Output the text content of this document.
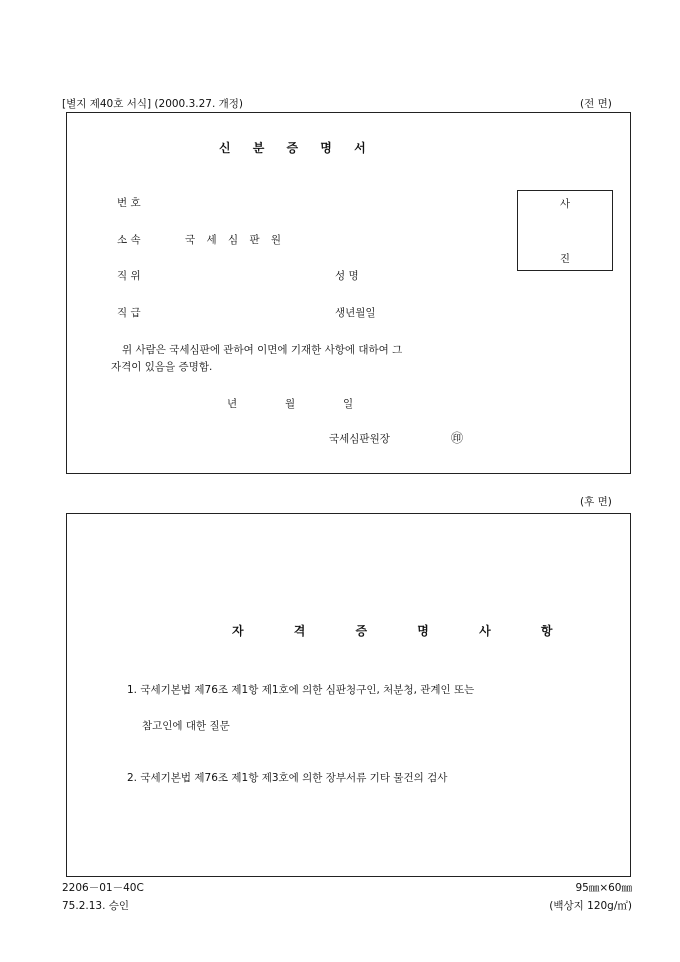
[별지 제40호 서식] (2000.3.27. 개정)	(전 면)
신 분 증 명 서
번 호
소 속	국 세 심 판 원
직 위	성 명
직 급	생년월일
사
진
위 사람은 국세심판에 관하여 이면에 기재한 사항에 대하여 그
자격이 있음을 증명함.
년	월	일
국세심판원장	㊞
(후 면)
자 격 증 명 사 항
1. 국세기본법 제76조 제1항 제1호에 의한 심판청구인, 처분청, 관계인 또는
참고인에 대한 질문
2. 국세기본법 제76조 제1항 제3호에 의한 장부서류 기타 물건의 검사
2206－01－40C
75.2.13. 승인
95㎜×60㎜
(백상지 120g/㎡)
